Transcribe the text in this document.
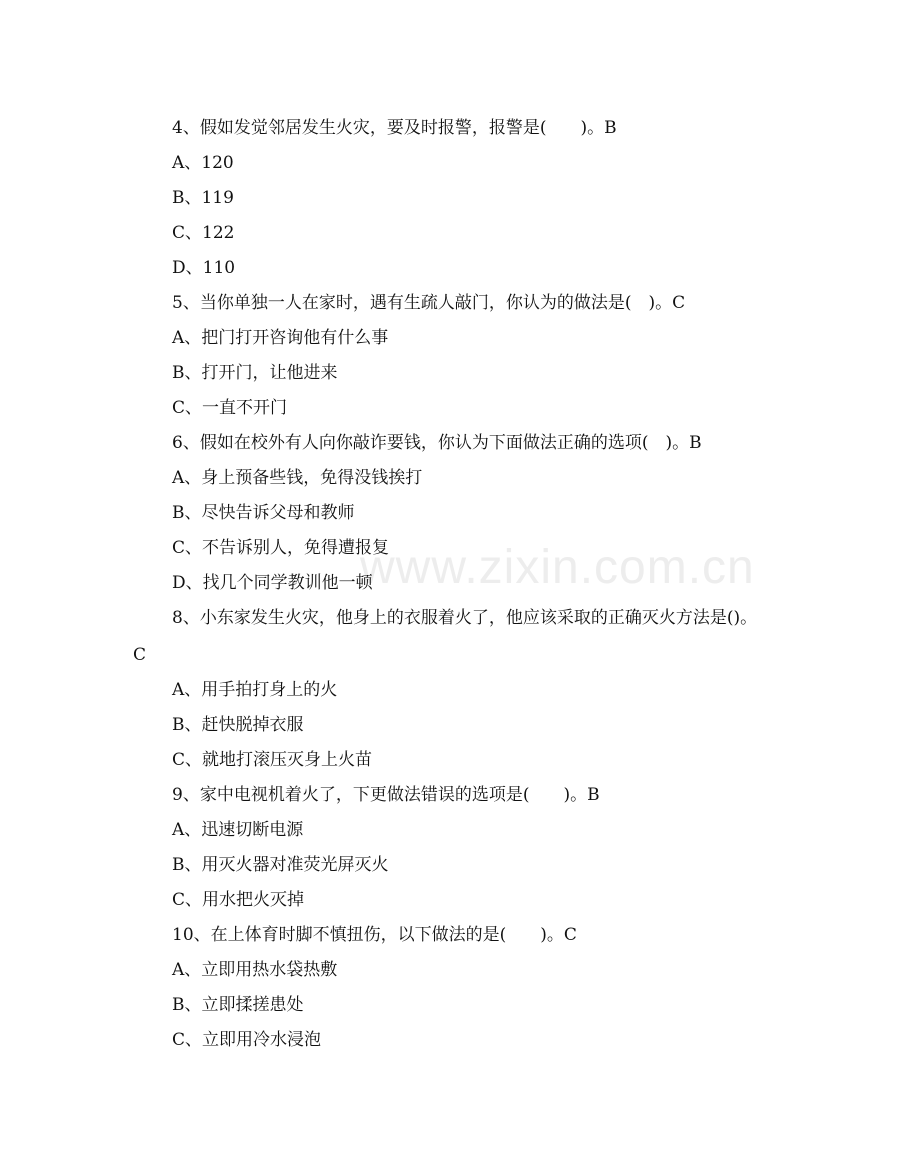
www.zixin.com.cn
4、假如发觉邻居发生火灾，要及时报警，报警是(　　)。B
A、120
B、119
C、122
D、110
5、当你单独一人在家时，遇有生疏人敲门，你认为的做法是(　)。C
A、把门打开咨询他有什么事
B、打开门，让他进来
C、一直不开门
6、假如在校外有人向你敲诈要钱，你认为下面做法正确的选项(　)。B
A、身上预备些钱，免得没钱挨打
B、尽快告诉父母和教师
C、不告诉别人，免得遭报复
D、找几个同学教训他一顿
8、小东家发生火灾，他身上的衣服着火了，他应该采取的正确灭火方法是()。
C
A、用手拍打身上的火
B、赶快脱掉衣服
C、就地打滚压灭身上火苗
9、家中电视机着火了，下更做法错误的选项是(　　)。B
A、迅速切断电源
B、用灭火器对准荧光屏灭火
C、用水把火灭掉
10、在上体育时脚不慎扭伤，以下做法的是(　　)。C
A、立即用热水袋热敷
B、立即揉搓患处
C、立即用冷水浸泡
